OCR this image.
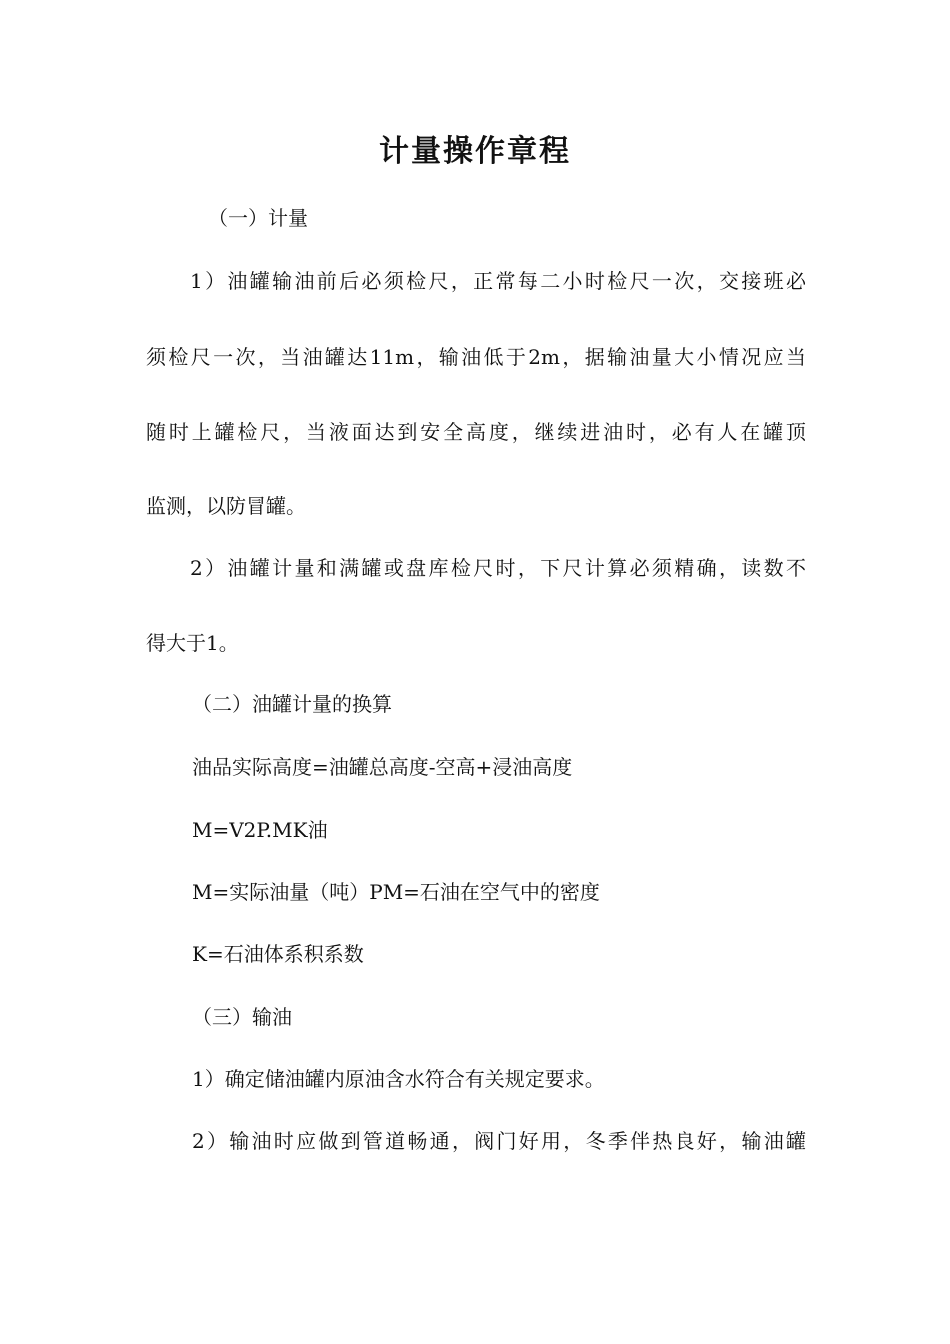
计量操作章程
（一）计量
1）油罐输油前后必须检尺，正常每二小时检尺一次，交接班必
须检尺一次，当油罐达11m，输油低于2m，据输油量大小情况应当
随时上罐检尺，当液面达到安全高度，继续进油时，必有人在罐顶
监测，以防冒罐。
2）油罐计量和满罐或盘库检尺时，下尺计算必须精确，读数不
得大于1。
（二）油罐计量的换算
油品实际高度=油罐总高度-空高+浸油高度
M=V2P.MK油
M=实际油量（吨）PM=石油在空气中的密度
K=石油体系积系数
（三）输油
1）确定储油罐内原油含水符合有关规定要求。
2）输油时应做到管道畅通，阀门好用，冬季伴热良好，输油罐
